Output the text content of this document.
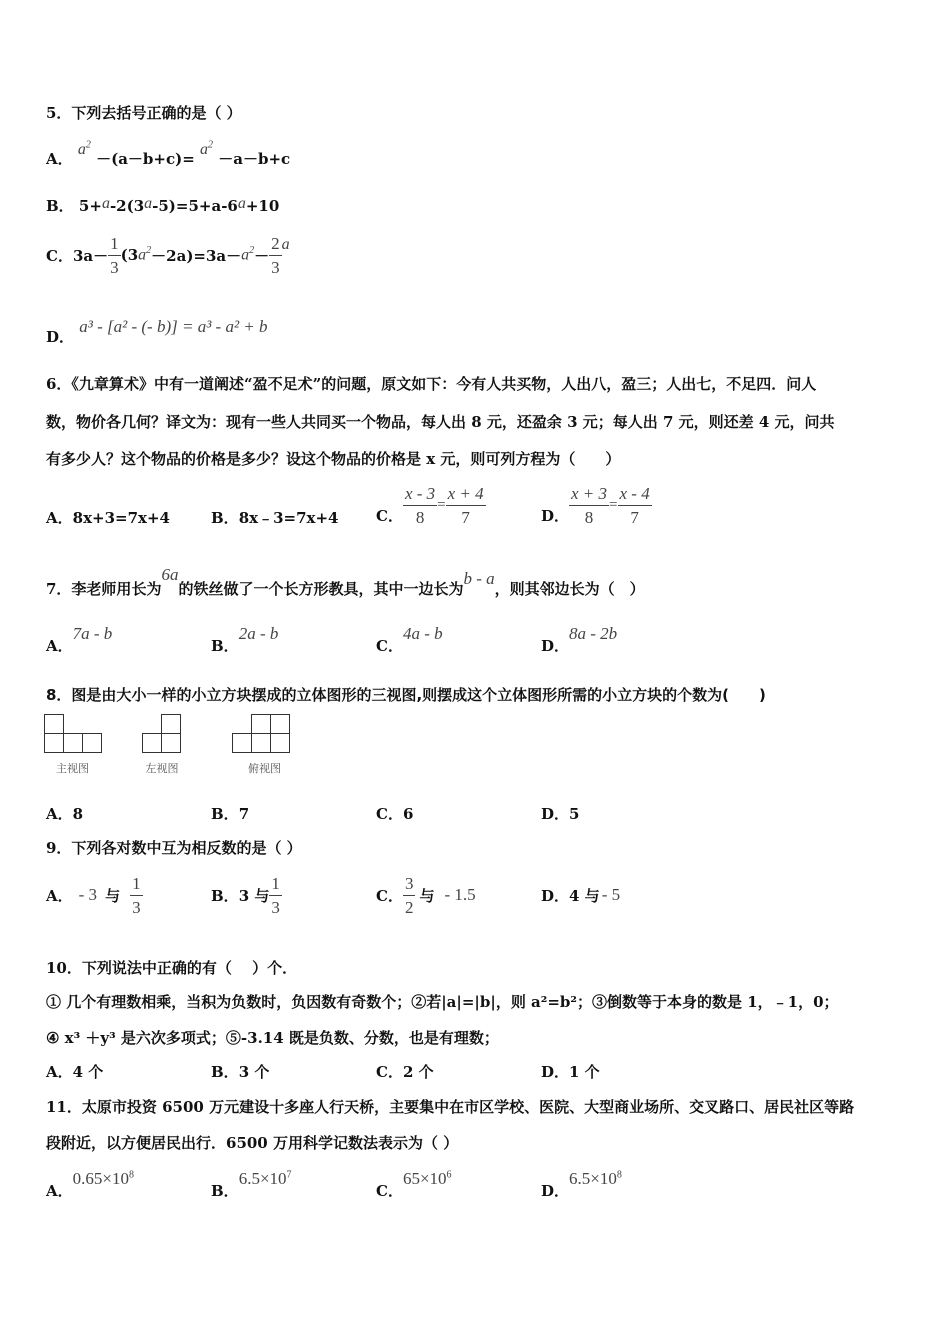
5．下列去括号正确的是（ ）
A． $a^2 -(a-b+c)= a^2 -a-b+c$
B． 5+a-2(3a-5)=5+a-6a+10
C． $3a- \frac{1}{3} (3$ $a^2 -2a)=3a- a^2 - \frac{2}{3}$ a
D． a³ - [a² - (- b)] = a³ - a² + b
6．《九章算术》中有一道阐述“盈不足术”的问题，原文如下：今有人共买物，人出八，盈三；人出七，不足四．问人
数，物价各几何？译文为：现有一些人共同买一个物品，每人出 8 元，还盈余 3 元；每人出 7 元，则还差 4 元，问共
有多少人？这个物品的价格是多少？设这个物品的价格是 x 元，则可列方程为（　　）
A．8x+3=7x+4	B．8x﹣3=7x+4	C． $\frac{x - 3}{8} = \frac{x + 4}{7}$	D． $\frac{x + 3}{8} = \frac{x - 4}{7}$
7．李老师用长为6a的铁丝做了一个长方形教具，其中一边长为b - a，则其邻边长为（　）
A．7a - b
B．2a - b
C．4a - b
D．8a - 2b
8．图是由大小一样的小立方块摆成的立体图形的三视图,则摆成这个立体图形所需的小立方块的个数为(　　)
主视图	左视图	俯视图
A．8	B．7	C．6	D．5
9．下列各对数中互为相反数的是（ ）
A． - 3 与 $\frac{1}{3}$	B． 3 与 $\frac{1}{3}$	C． $\frac{3}{2}$ 与 - 1.5	D． 4 与 - 5
10．下列说法中正确的有（　 ）个．
① 几个有理数相乘，当积为负数时，负因数有奇数个；②若|a|=|b|，则 a²=b²；③倒数等于本身的数是 1，﹣1，0；
④ x³ ＋y³ 是六次多项式；⑤-3.14 既是负数、分数，也是有理数；
A．4 个	B．3 个	C．2 个	D．1 个
11．太原市投资 6500 万元建设十多座人行天桥，主要集中在市区学校、医院、大型商业场所、交叉路口、居民社区等路
段附近，以方便居民出行．6500 万用科学记数法表示为（ ）
A．$0.65\times 10^8$
B．$6.5\times 10^7$
C．$65\times 10^6$
D．$6.5\times 10^8$
